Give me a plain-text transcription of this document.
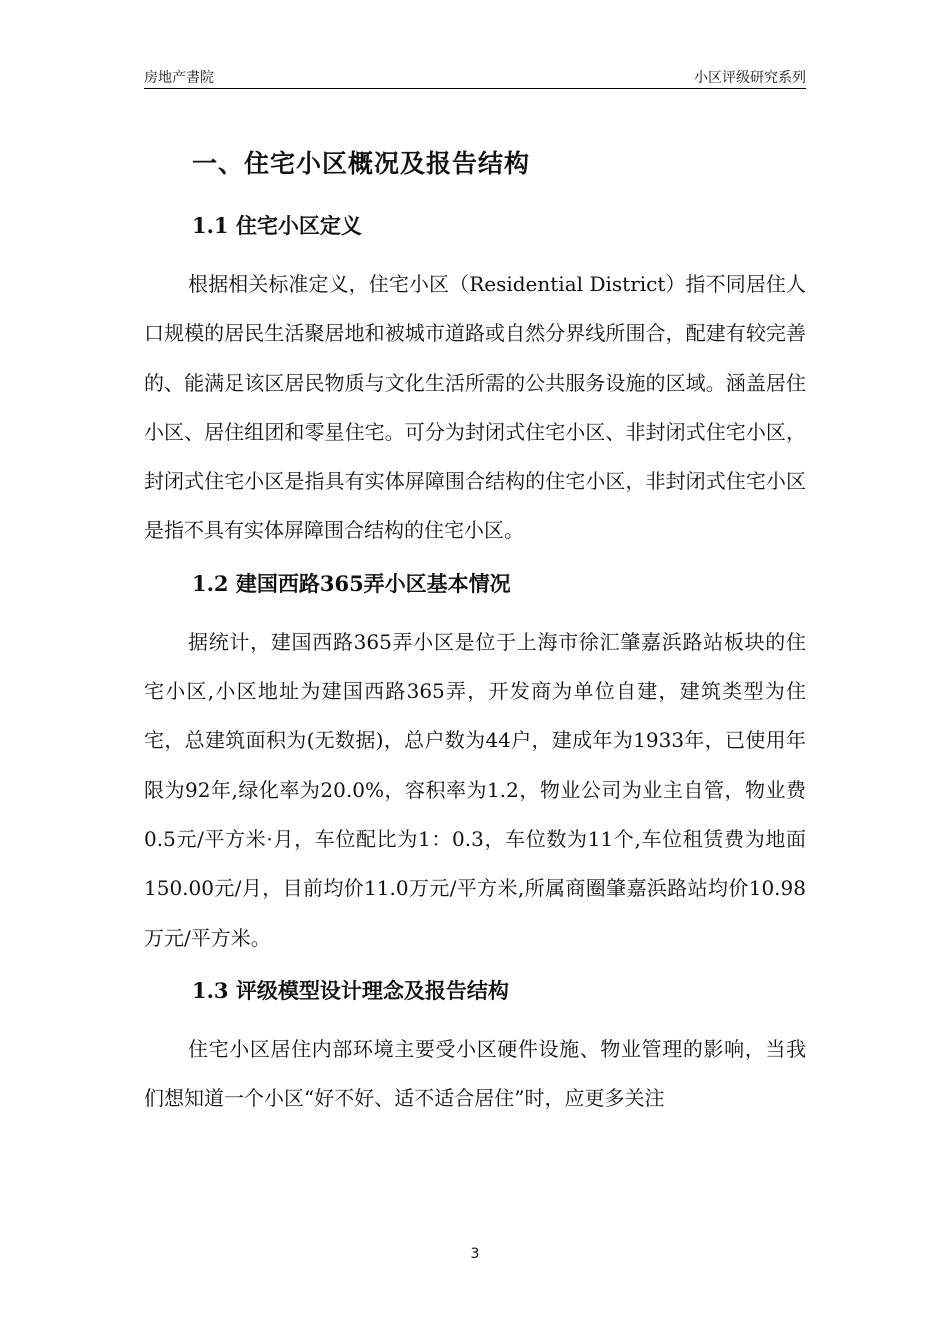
房地产書院	小区评级研究系列
一、住宅小区概况及报告结构
1.1 住宅小区定义

根据相关标准定义，住宅小区（Residential District）指不同居住人口规模的居民生活聚居地和被城市道路或自然分界线所围合，配建有较完善的、能满足该区居民物质与文化生活所需的公共服务设施的区域。涵盖居住小区、居住组团和零星住宅。可分为封闭式住宅小区、非封闭式住宅小区，封闭式住宅小区是指具有实体屏障围合结构的住宅小区，非封闭式住宅小区是指不具有实体屏障围合结构的住宅小区。

1.2 建国西路365弄小区基本情况

据统计，建国西路365弄小区是位于上海市徐汇肇嘉浜路站板块的住宅小区,小区地址为建国西路365弄，开发商为单位自建，建筑类型为住宅，总建筑面积为(无数据)，总户数为44户，建成年为1933年，已使用年限为92年,绿化率为20.0%，容积率为1.2，物业公司为业主自管，物业费0.5元/平方米·月，车位配比为1：0.3，车位数为11个,车位租赁费为地面150.00元/月，目前均价11.0万元/平方米,所属商圈肇嘉浜路站均价10.98万元/平方米。

1.3 评级模型设计理念及报告结构

住宅小区居住内部环境主要受小区硬件设施、物业管理的影响，当我们想知道一个小区“好不好、适不适合居住”时，应更多关注

3
